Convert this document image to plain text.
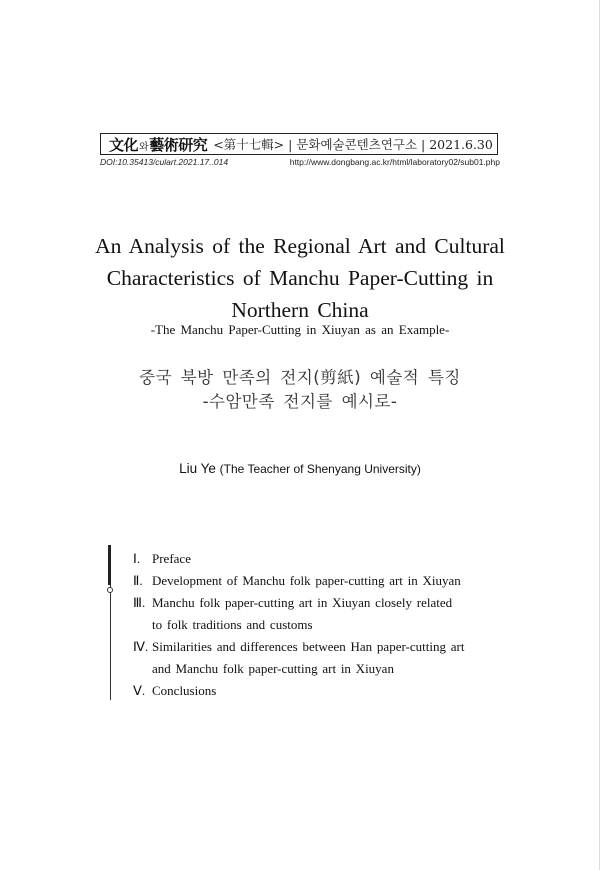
文化 와 藝術研究 <第十七輯> | 문화예술콘텐츠연구소 | 2021.6.30
DOI:10.35413/culart.2021.17..014	http://www.dongbang.ac.kr/html/laboratory02/sub01.php
An Analysis of the Regional Art and Cultural
Characteristics of Manchu Paper-Cutting in
Northern China
-The Manchu Paper-Cutting in Xiuyan as an Example-
중국 북방 만족의 전지(剪紙) 예술적 특징
-수암만족 전지를 예시로-
Liu Ye (The Teacher of Shenyang University)
Ⅰ. Preface
Ⅱ. Development of Manchu folk paper-cutting art in Xiuyan
Ⅲ. Manchu folk paper-cutting art in Xiuyan closely related
to folk traditions and customs
Ⅳ. Similarities and differences between Han paper-cutting art
and Manchu folk paper-cutting art in Xiuyan
Ⅴ. Conclusions
